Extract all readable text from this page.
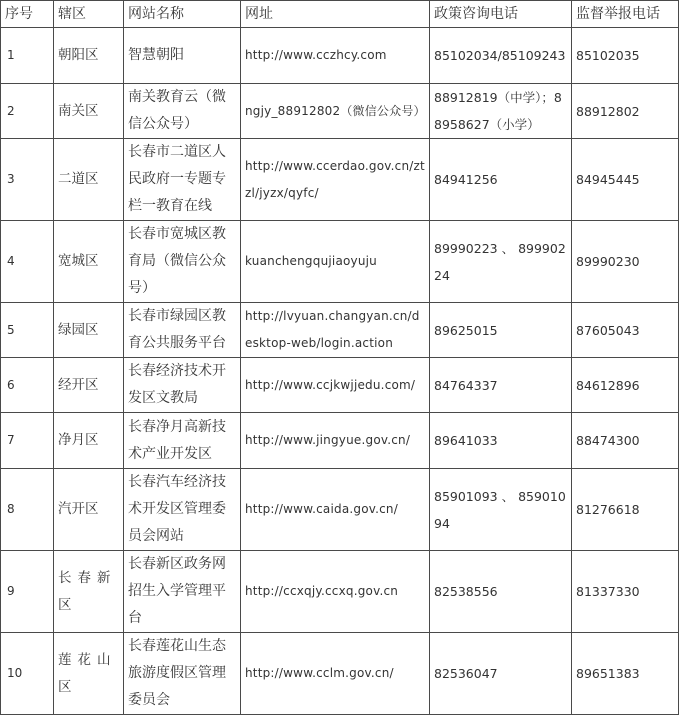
序号	辖区	网站名称	网址	政策咨询电话	监督举报电话
1	朝阳区	智慧朝阳	http://www.cczhcy.com	85102034/85109243	85102035
2	南关区	南关教育云（微信公众号）	ngjy_88912802（微信公众号）	88912819（中学）；88958627（小学）	88912802
3	二道区	长春市二道区人民政府一专题专栏一教育在线	http://www.ccerdao.gov.cn/ztzl/jyzx/qyfc/	84941256	84945445
4	宽城区	长春市宽城区教育局（微信公众号）	kuanchengqujiaoyuju	89990223 、 89990224	89990230
5	绿园区	长春市绿园区教育公共服务平台	http://lvyuan.changyan.cn/desktop-web/login.action	89625015	87605043
6	经开区	长春经济技术开发区文教局	http://www.ccjkwjjedu.com/	84764337	84612896
7	净月区	长春净月高新技术产业开发区	http://www.jingyue.gov.cn/	89641033	88474300
8	汽开区	长春汽车经济技术开发区管理委员会网站	http://www.caida.gov.cn/	85901093 、 85901094	81276618
9	长春新区	长春新区政务网招生入学管理平台	http://ccxqjy.ccxq.gov.cn	82538556	81337330
10	莲花山区	长春莲花山生态旅游度假区管理委员会	http://www.cclm.gov.cn/	82536047	89651383
